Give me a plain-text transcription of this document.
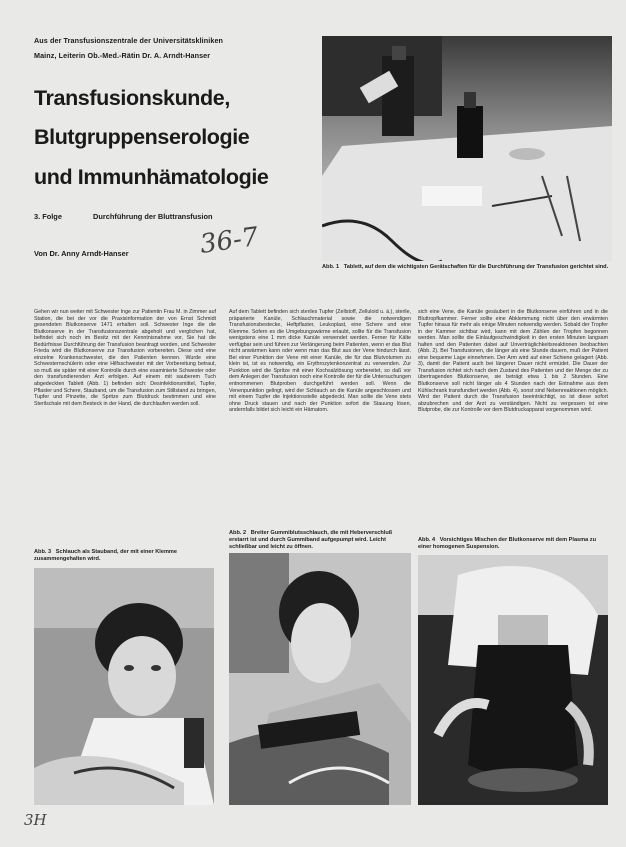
Aus der Transfusionszentrale der Universitätskliniken
Mainz, Leiterin Ob.-Med.-Rätin Dr. A. Arndt-Hanser
Transfusionskunde,
Blutgruppenserologie
und Immunhämatologie
3. Folge	Durchführung der Bluttransfusion
Von Dr. Anny Arndt-Hanser	36-7
Abb. 1 Tablett, auf dem die wichtigsten Gerätschaften für die Durchführung der Transfusion gerichtet sind.

Gehen wir nun weiter mit Schwester Inge zur Patientin Frau M. in Zimmer auf Station, die bei der vor die Praxisinformation der von Ernst Schmidt gesendeten Blutkonserve 1471 erhalten soll. Schwester Inge die die Blutkonserve in der Transfusionszentrale abgeholt und verglichen hat, befindet sich noch im Besitz mit der Kenntnisnahme vor, Sie hat die Bedürfnisse Durchführung der Transfusion beantragt worden, und Schwester Frieda wird die Blutkonserve zur Transfusion vorbereiten. Diese und eine einzelne Krankenschwester, die den Patienten kennen. Wurde eine Schwesternschülerin oder eine Hilfsschwester mit der Vorbereitung betraut, so muß sie später mit einer Kontrolle durch eine examinierte Schwester oder den transfundierenden Arzt erfolgen. Auf einem mit sauberem Tuch abgedeckten Tablett (Abb. 1) befinden sich: Desinfektionsmittel, Tupfer, Pflaster und Schere, Stauband, um die Transfusion zum Stillstand zu bringen, Tupfer und Pinzette, die Spritze zum Blutdruck bestimmen und eine Sterilschale mit dem Besteck in der Hand, die durchlaufen werden soll.

Auf dem Tablett befinden sich steriles Tupfer (Zellstoff, Zelluloid u. ä.), sterile, präparierte Kanüle, Schlauchmaterial sowie die notwendigen Transfusionsbestecke, Heftpflaster, Leukoplast, eine Schere und eine Klemme. Sofern es die Umgebungswärme erlaubt, sollte für die Transfusion wenigstens eine 1 mm dicke Kanüle verwendet werden. Ferner für Kälte verfügbar sein und führen zur Verlängerung beim Patienten, wenn er das Blut nicht anwärmen kann oder wenn man das Blut aus der Vene hindurch lässt. Bei einer Punktion der Vene mit einer Kanüle, die für das Blutvolumen zu klein ist, ist es notwendig, ein Erythrozytenkonzentrat zu verwenden. Zur Punktion wird die Spritze mit einer Kochsalzlösung vorbereitet, so daß vor dem Anlegen der Transfusion noch eine Kontrolle der für die Untersuchungen entnommenen Blutproben durchgeführt werden soll. Wenn die Venenpunktion gelingt, wird der Schlauch an die Kanüle angeschlossen und mit einem Tupfer die Injektionsstelle abgedeckt. Man sollte die Vene stets ohne Druck stauen und nach der Punktion sofort die Stauung lösen, andernfalls bildet sich leicht ein Hämatom.

sich eine Vene, die Kanüle gesäubert in die Blutkonserve einführen und in die Bluttropfkammer. Ferner sollte eine Abklemmung nicht über den erwärmten Tupfer hinaus für mehr als einige Minuten notwendig werden. Sobald der Tropfer in der Kammer sichtbar wird, kann mit dem Zählen der Tropfen begonnen werden. Man sollte die Einlaufgeschwindigkeit in den ersten Minuten langsam halten und den Patienten dabei auf Unverträglichkeitsreaktionen beobachten (Abb. 2). Bei Transfusionen, die länger als eine Stunde dauern, muß der Patient eine bequeme Lage einnehmen. Der Arm wird auf einer Schiene gelagert (Abb. 3), damit der Patient auch bei längerer Dauer nicht ermüdet. Die Dauer der Transfusion richtet sich nach dem Zustand des Patienten und der Menge der zu übertragenden Blutkonserve, sie beträgt etwa 1 bis 2 Stunden. Eine Blutkonserve soll nicht länger als 4 Stunden nach der Entnahme aus dem Kühlschrank transfundiert werden (Abb. 4), sonst sind Nebenreaktionen möglich. Wird der Patient durch die Transfusion beeinträchtigt, so ist diese sofort abzubrechen und der Arzt zu verständigen. Nicht zu vergessen ist eine Blutprobe, die zur Kontrolle vor dem Blutdruckapparat vorgenommen wird.

Abb. 3 Schlauch als Stauband, der mit einer Klemme zusammengehalten wird.
Abb. 2 Breiter Gummiblutsschlauch, die mit Heberverschluß erstarrt ist und durch Gummiband aufgepumpt wird. Leicht schließbar und leicht zu öffnen.
Abb. 4 Vorsichtiges Mischen der Blutkonserve mit dem Plasma zu einer homogenen Suspension.
3H
